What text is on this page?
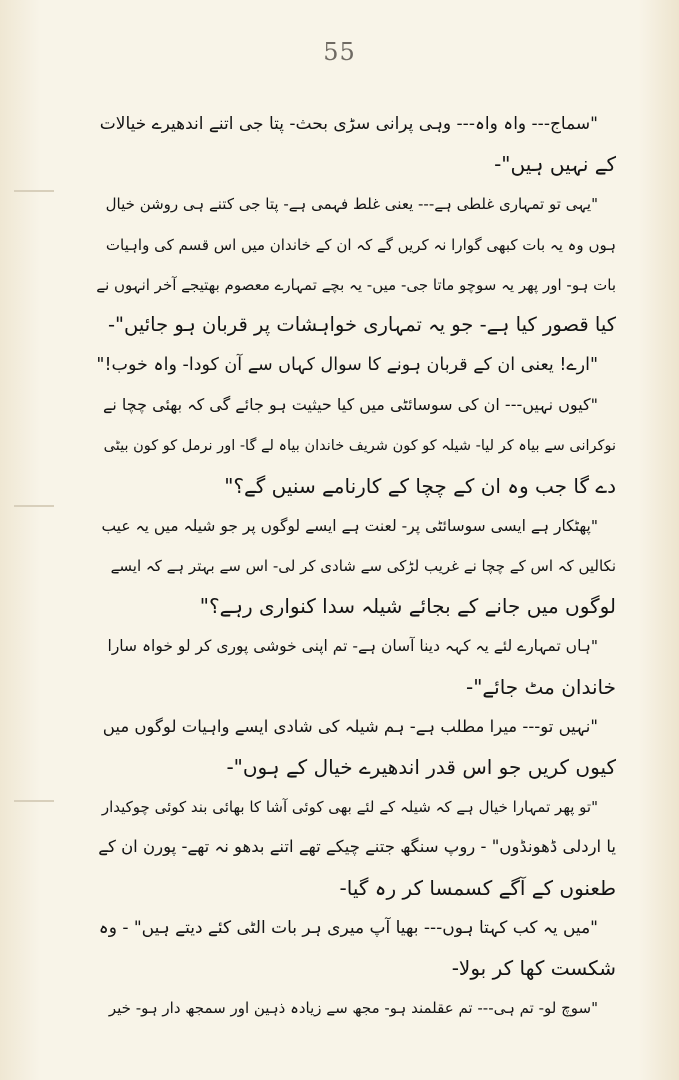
55
"سماج--- واہ واہ--- وہی پرانی سڑی بحث- پتا جی اتنے اندھیرے خیالات
کے نہیں ہیں"-
"یہی تو تمہاری غلطی ہے--- یعنی غلط فہمی ہے- پتا جی کتنے ہی روشن خیال
ہوں وہ یہ بات کبھی گوارا نہ کریں گے کہ ان کے خاندان میں اس قسم کی واہیات
بات ہو- اور پھر یہ سوچو ماتا جی- میں- یہ بچے تمہارے معصوم بھتیجے آخر انہوں نے
کیا قصور کیا ہے- جو یہ تمہاری خواہشات پر قربان ہو جائیں"-
"ارے! یعنی ان کے قربان ہونے کا سوال کہاں سے آن کودا- واہ خوب!"
"کیوں نہیں--- ان کی سوسائٹی میں کیا حیثیت ہو جائے گی کہ بھئی چچا نے
نوکرانی سے بیاہ کر لیا- شیلہ کو کون شریف خاندان بیاہ لے گا- اور نرمل کو کون بیٹی
دے گا جب وہ ان کے چچا کے کارنامے سنیں گے؟"
"پھٹکار ہے ایسی سوسائٹی پر- لعنت ہے ایسے لوگوں پر جو شیلہ میں یہ عیب
نکالیں کہ اس کے چچا نے غریب لڑکی سے شادی کر لی- اس سے بہتر ہے کہ ایسے
لوگوں میں جانے کے بجائے شیلہ سدا کنواری رہے؟"
"ہاں تمہارے لئے یہ کہہ دینا آسان ہے- تم اپنی خوشی پوری کر لو خواہ سارا
خاندان مٹ جائے"-
"نہیں تو--- میرا مطلب ہے- ہم شیلہ کی شادی ایسے واہیات لوگوں میں
کیوں کریں جو اس قدر اندھیرے خیال کے ہوں"-
"تو پھر تمہارا خیال ہے کہ شیلہ کے لئے بھی کوئی آشا کا بھائی بند کوئی چوکیدار
یا اردلی ڈھونڈوں" - روپ سنگھ جتنے چیکے تھے اتنے بدھو نہ تھے- پورن ان کے
طعنوں کے آگے کسمسا کر رہ گیا-
"میں یہ کب کہتا ہوں--- بھیا آپ میری ہر بات الٹی کئے دیتے ہیں" - وہ
شکست کھا کر بولا-
"سوچ لو- تم ہی--- تم عقلمند ہو- مجھ سے زیادہ ذہین اور سمجھ دار ہو- خیر
